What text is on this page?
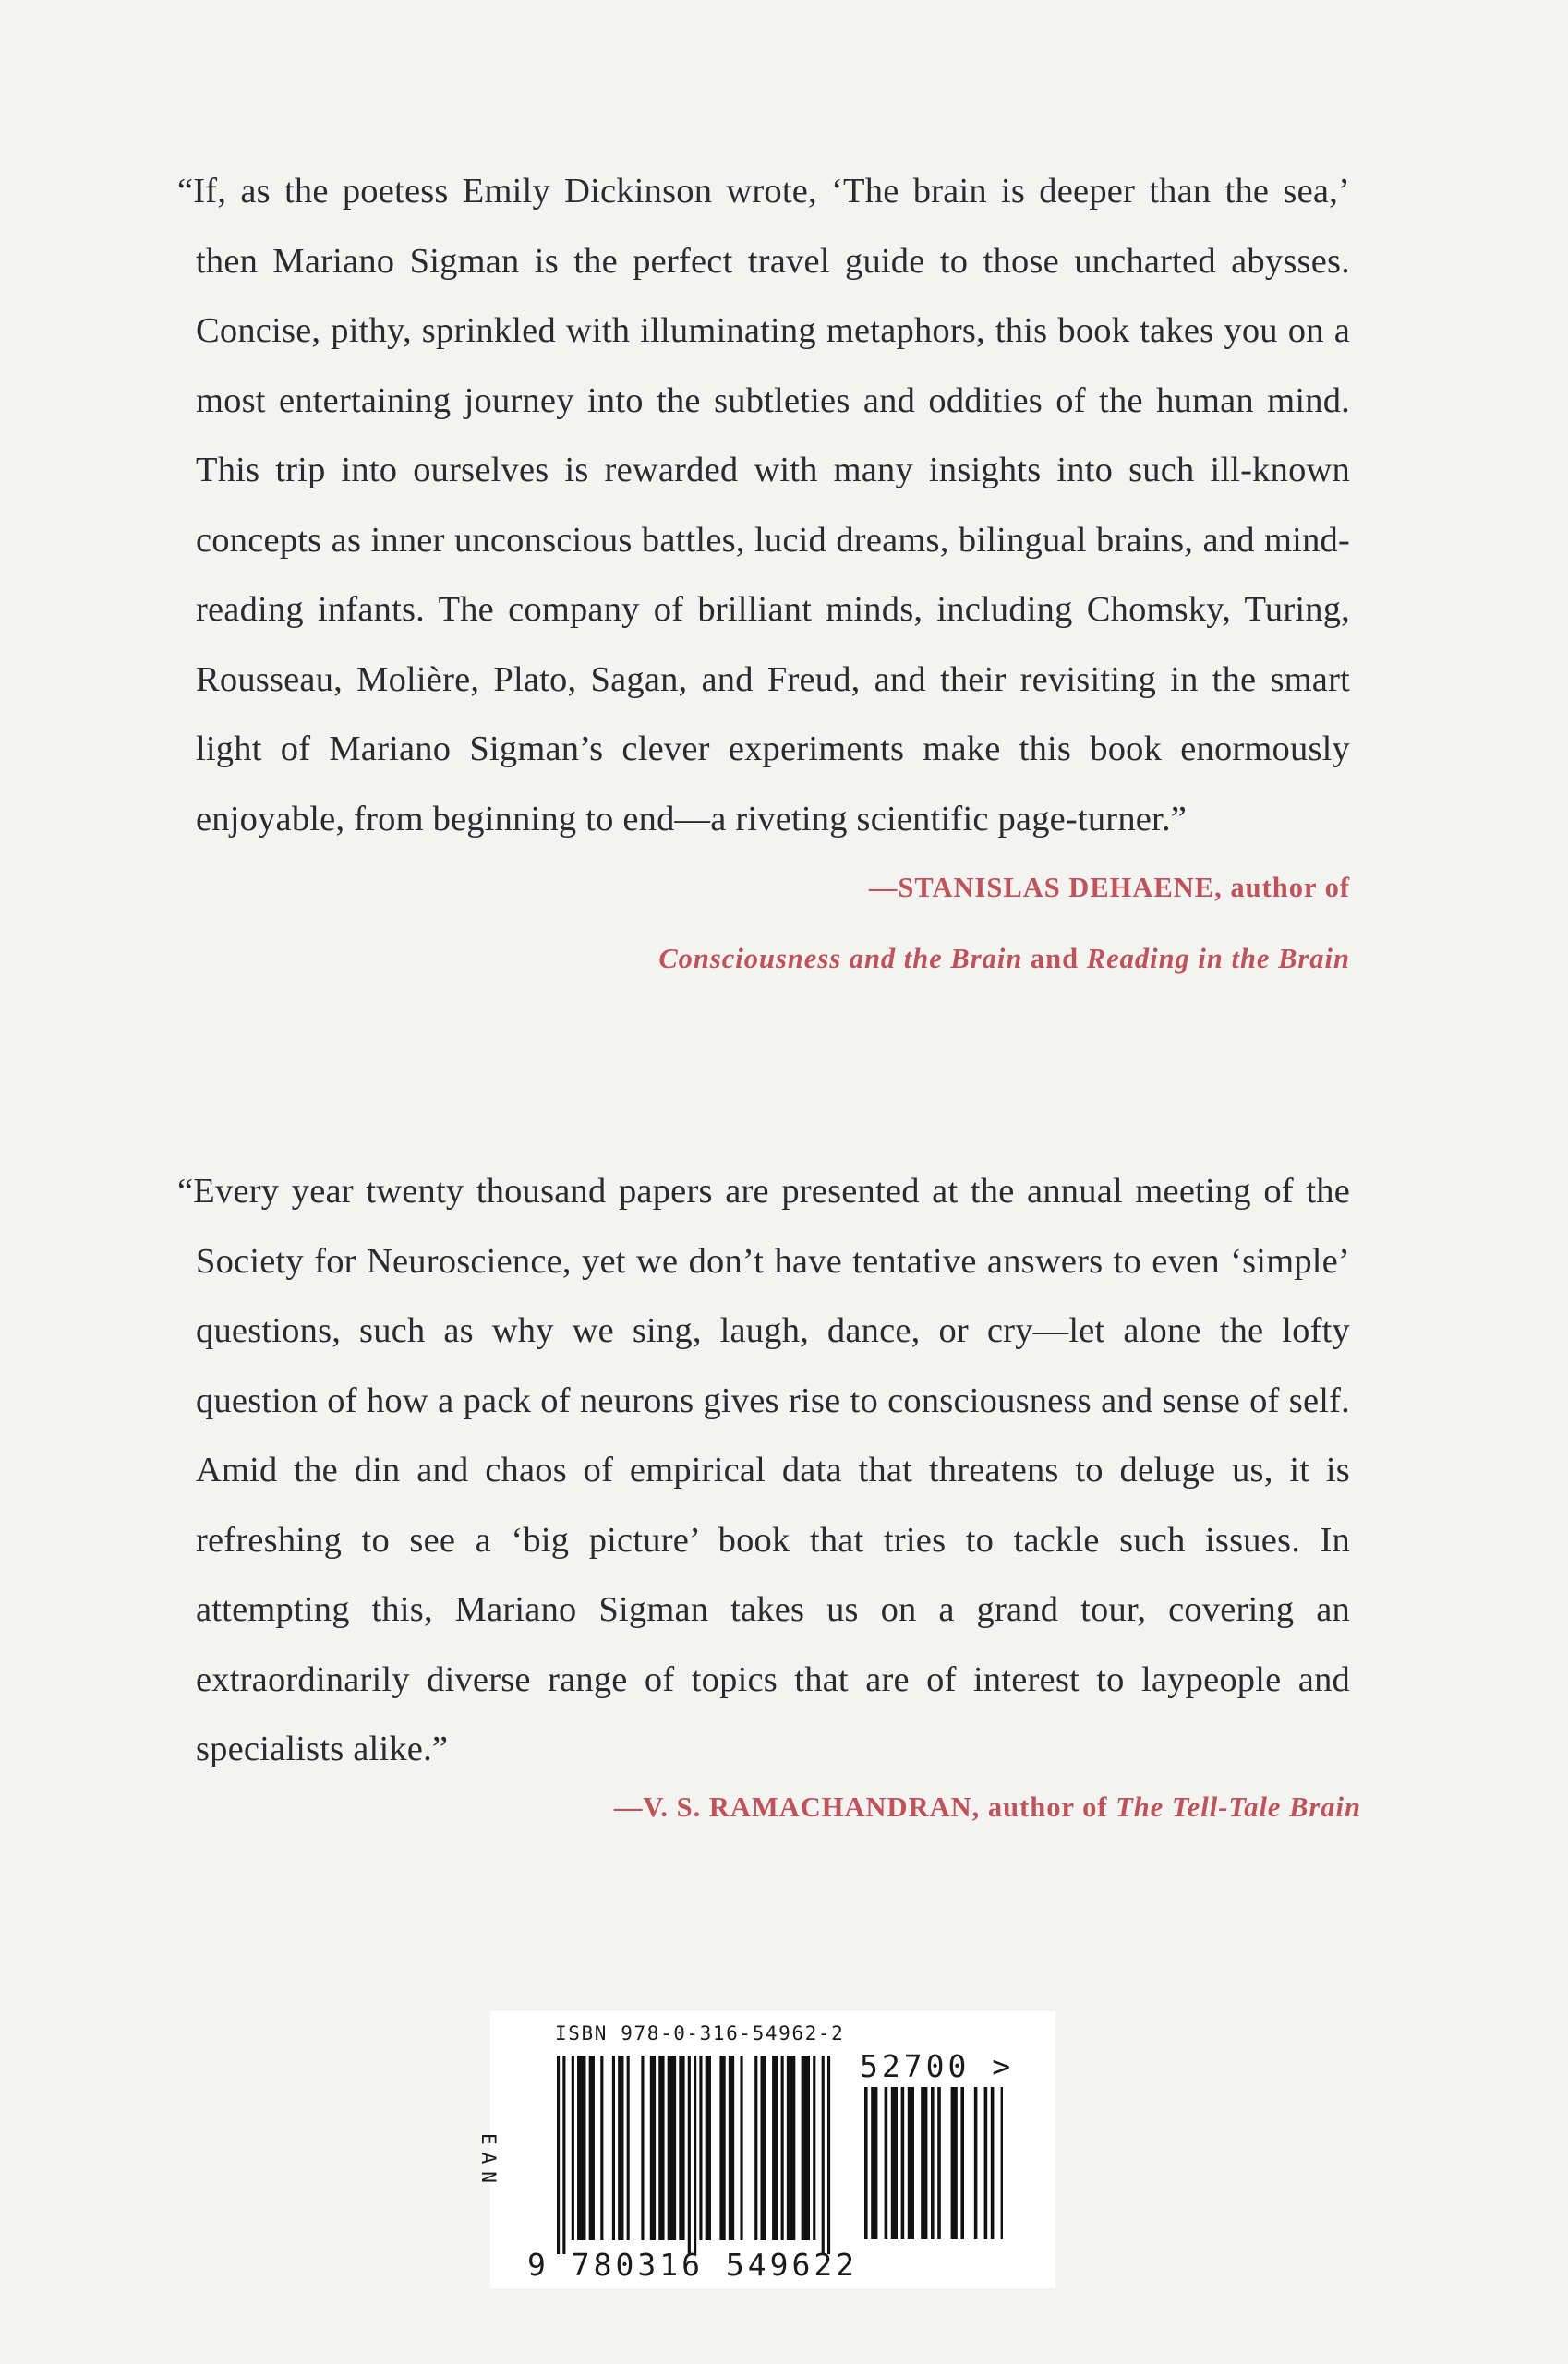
“If, as the poetess Emily Dickinson wrote, ‘The brain is deeper than the sea,’ then Mariano Sigman is the perfect travel guide to those uncharted abysses. Concise, pithy, sprinkled with illuminating metaphors, this book takes you on a most entertaining journey into the subtleties and oddities of the human mind. This trip into ourselves is rewarded with many insights into such ill-known concepts as inner unconscious battles, lucid dreams, bilingual brains, and mind-reading infants. The company of brilliant minds, including Chomsky, Turing, Rousseau, Molière, Plato, Sagan, and Freud, and their revisiting in the smart light of Mariano Sigman’s clever experiments make this book enormously enjoyable, from beginning to end—a riveting scientific page-turner.”

—STANISLAS DEHAENE, author of
Consciousness and the Brain and Reading in the Brain

“Every year twenty thousand papers are presented at the annual meeting of the Society for Neuroscience, yet we don’t have tentative answers to even ‘simple’ questions, such as why we sing, laugh, dance, or cry—let alone the lofty question of how a pack of neurons gives rise to consciousness and sense of self. Amid the din and chaos of empirical data that threatens to deluge us, it is refreshing to see a ‘big picture’ book that tries to tackle such issues. In attempting this, Mariano Sigman takes us on a grand tour, covering an extraordinarily diverse range of topics that are of interest to laypeople and specialists alike.”

—V. S. RAMACHANDRAN, author of The Tell-Tale Brain

ISBN 978-0-316-54962-2
52700 >
EAN
9 780316 549622
